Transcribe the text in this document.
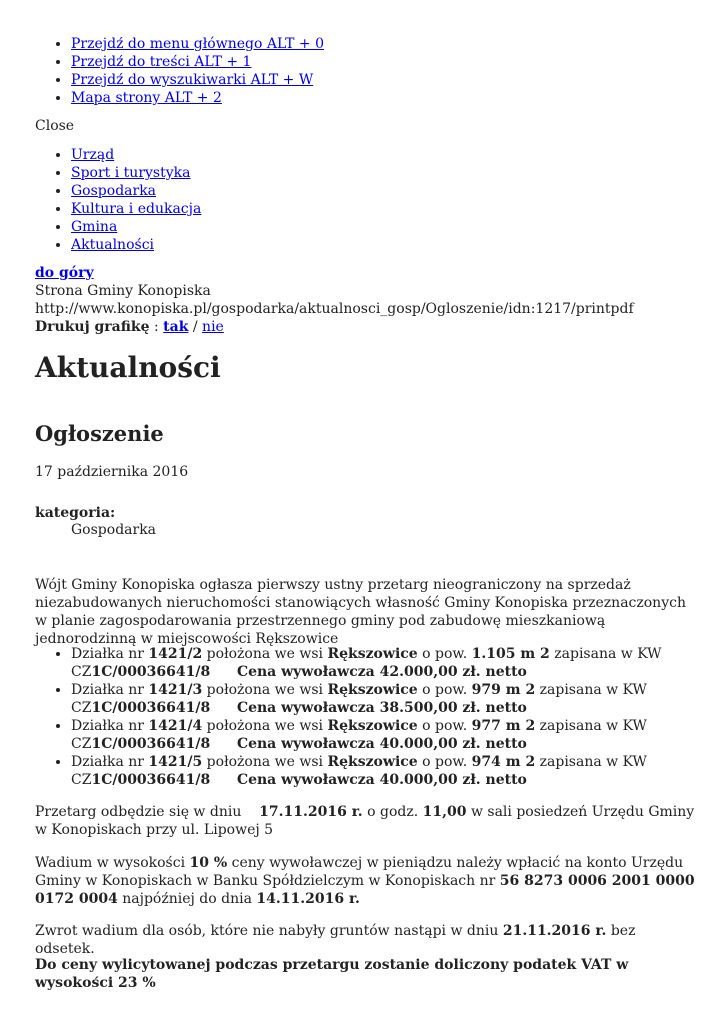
• Przejdź do menu głównego ALT + 0
• Przejdź do treści ALT + 1
• Przejdź do wyszukiwarki ALT + W
• Mapa strony ALT + 2
Close
• Urząd
• Sport i turystyka
• Gospodarka
• Kultura i edukacja
• Gmina
• Aktualności
do góry
Strona Gminy Konopiska
http://www.konopiska.pl/gospodarka/aktualnosci_gosp/Ogloszenie/idn:1217/printpdf
Drukuj grafikę : tak / nie
Aktualności
Ogłoszenie
17 października 2016
kategoria:
Gospodarka
Wójt Gminy Konopiska ogłasza pierwszy ustny przetarg nieograniczony na sprzedaż niezabudowanych nieruchomości stanowiących własność Gminy Konopiska przeznaczonych w planie zagospodarowania przestrzennego gminy pod zabudowę mieszkaniową jednorodzinną w miejscowości Rększowice
• Działka nr 1421/2 położona we wsi Rększowice o pow. 1.105 m 2 zapisana w KW
CZ1C/00036641/8 Cena wywoławcza 42.000,00 zł. netto
• Działka nr 1421/3 położona we wsi Rększowice o pow. 979 m 2 zapisana w KW
CZ1C/00036641/8 Cena wywoławcza 38.500,00 zł. netto
• Działka nr 1421/4 położona we wsi Rększowice o pow. 977 m 2 zapisana w KW
CZ1C/00036641/8 Cena wywoławcza 40.000,00 zł. netto
• Działka nr 1421/5 położona we wsi Rększowice o pow. 974 m 2 zapisana w KW
CZ1C/00036641/8 Cena wywoławcza 40.000,00 zł. netto
Przetarg odbędzie się w dniu    17.11.2016 r. o godz. 11,00 w sali posiedzeń Urzędu Gminy w Konopiskach przy ul. Lipowej 5
Wadium w wysokości 10 % ceny wywoławczej w pieniądzu należy wpłacić na konto Urzędu Gminy w Konopiskach w Banku Spółdzielczym w Konopiskach nr 56 8273 0006 2001 0000 0172 0004 najpóźniej do dnia 14.11.2016 r.
Zwrot wadium dla osób, które nie nabyły gruntów nastąpi w dniu 21.11.2016 r. bez odsetek.
Do ceny wylicytowanej podczas przetargu zostanie doliczony podatek VAT w wysokości 23 %
